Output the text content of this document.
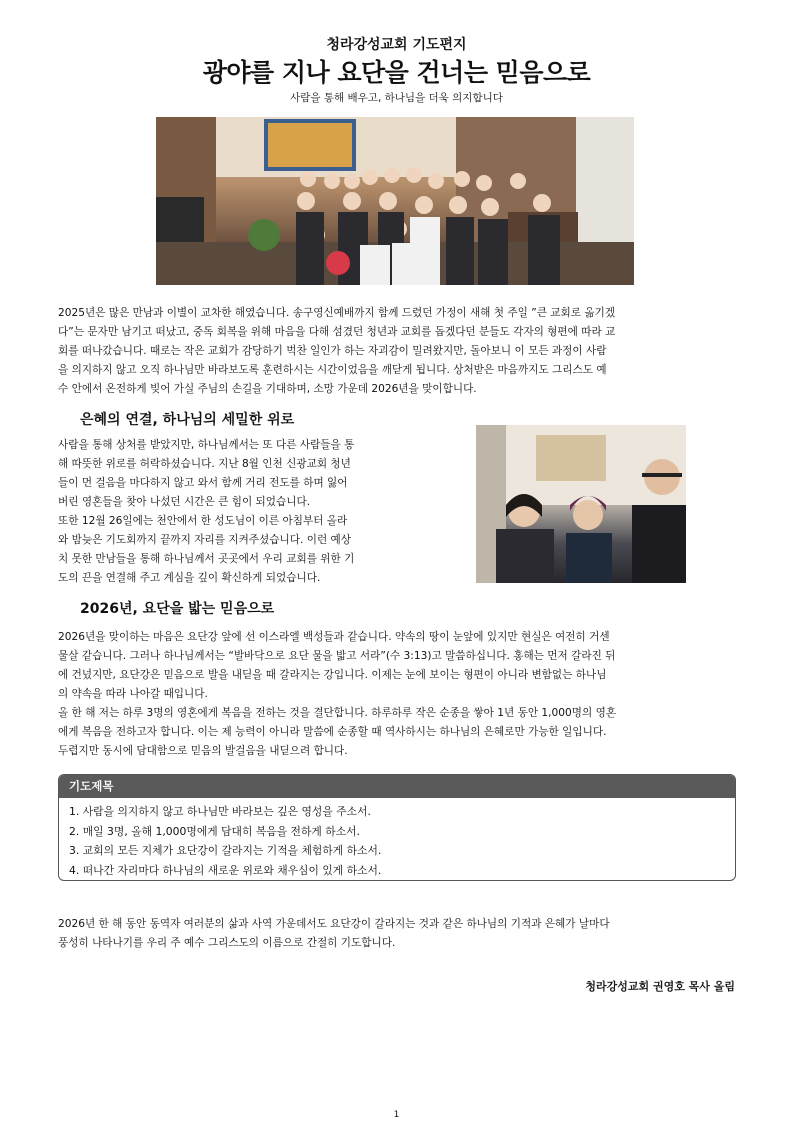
청라강성교회 기도편지
광야를 지나 요단을 건너는 믿음으로
사람을 통해 배우고, 하나님을 더욱 의지합니다
2025년은 많은 만남과 이별이 교차한 해였습니다. 송구영신예배까지 함께 드렸던 가정이 새해 첫 주일 ”큰 교회로 옮기겠
다”는 문자만 남기고 떠났고, 중독 회복을 위해 마음을 다해 섬겼던 청년과 교회를 돕겠다던 분들도 각자의 형편에 따라 교
회를 떠나갔습니다. 때로는 작은 교회가 감당하기 벅찬 일인가 하는 자괴감이 밀려왔지만, 돌아보니 이 모든 과정이 사람
을 의지하지 않고 오직 하나님만 바라보도록 훈련하시는 시간이었음을 깨닫게 됩니다. 상처받은 마음까지도 그리스도 예
수 안에서 온전하게 빚어 가실 주님의 손길을 기대하며, 소망 가운데 2026년을 맞이합니다.
은혜의 연결, 하나님의 세밀한 위로
사람을 통해 상처를 받았지만, 하나님께서는 또 다른 사람들을 통
해 따뜻한 위로를 허락하셨습니다. 지난 8월 인천 신광교회 청년
들이 먼 걸음을 마다하지 않고 와서 함께 거리 전도를 하며 잃어
버린 영혼들을 찾아 나섰던 시간은 큰 힘이 되었습니다.
또한 12월 26일에는 천안에서 한 성도님이 이른 아침부터 올라
와 밤늦은 기도회까지 끝까지 자리를 지켜주셨습니다. 이런 예상
치 못한 만남들을 통해 하나님께서 곳곳에서 우리 교회를 위한 기
도의 끈을 연결해 주고 계심을 깊이 확신하게 되었습니다.
2026년, 요단을 밟는 믿음으로
2026년을 맞이하는 마음은 요단강 앞에 선 이스라엘 백성들과 같습니다. 약속의 땅이 눈앞에 있지만 현실은 여전히 거센
물살 같습니다. 그러나 하나님께서는 “발바닥으로 요단 물을 밟고 서라”(수 3:13)고 말씀하십니다. 홍해는 먼저 갈라진 뒤
에 건넜지만, 요단강은 믿음으로 발을 내딛을 때 갈라지는 강입니다. 이제는 눈에 보이는 형편이 아니라 변함없는 하나님
의 약속을 따라 나아갈 때입니다.
올 한 해 저는 하루 3명의 영혼에게 복음을 전하는 것을 결단합니다. 하루하루 작은 순종을 쌓아 1년 동안 1,000명의 영혼
에게 복음을 전하고자 합니다. 이는 제 능력이 아니라 말씀에 순종할 때 역사하시는 하나님의 은혜로만 가능한 일입니다.
두렵지만 동시에 담대함으로 믿음의 발걸음을 내딛으려 합니다.
기도제목
1. 사람을 의지하지 않고 하나님만 바라보는 깊은 영성을 주소서.
2. 매일 3명, 올해 1,000명에게 담대히 복음을 전하게 하소서.
3. 교회의 모든 지체가 요단강이 갈라지는 기적을 체험하게 하소서.
4. 떠나간 자리마다 하나님의 새로운 위로와 채우심이 있게 하소서.
2026년 한 해 동안 동역자 여러분의 삶과 사역 가운데서도 요단강이 갈라지는 것과 같은 하나님의 기적과 은혜가 날마다
풍성히 나타나기를 우리 주 예수 그리스도의 이름으로 간절히 기도합니다.
청라강성교회 권영호 목사 올림
1
